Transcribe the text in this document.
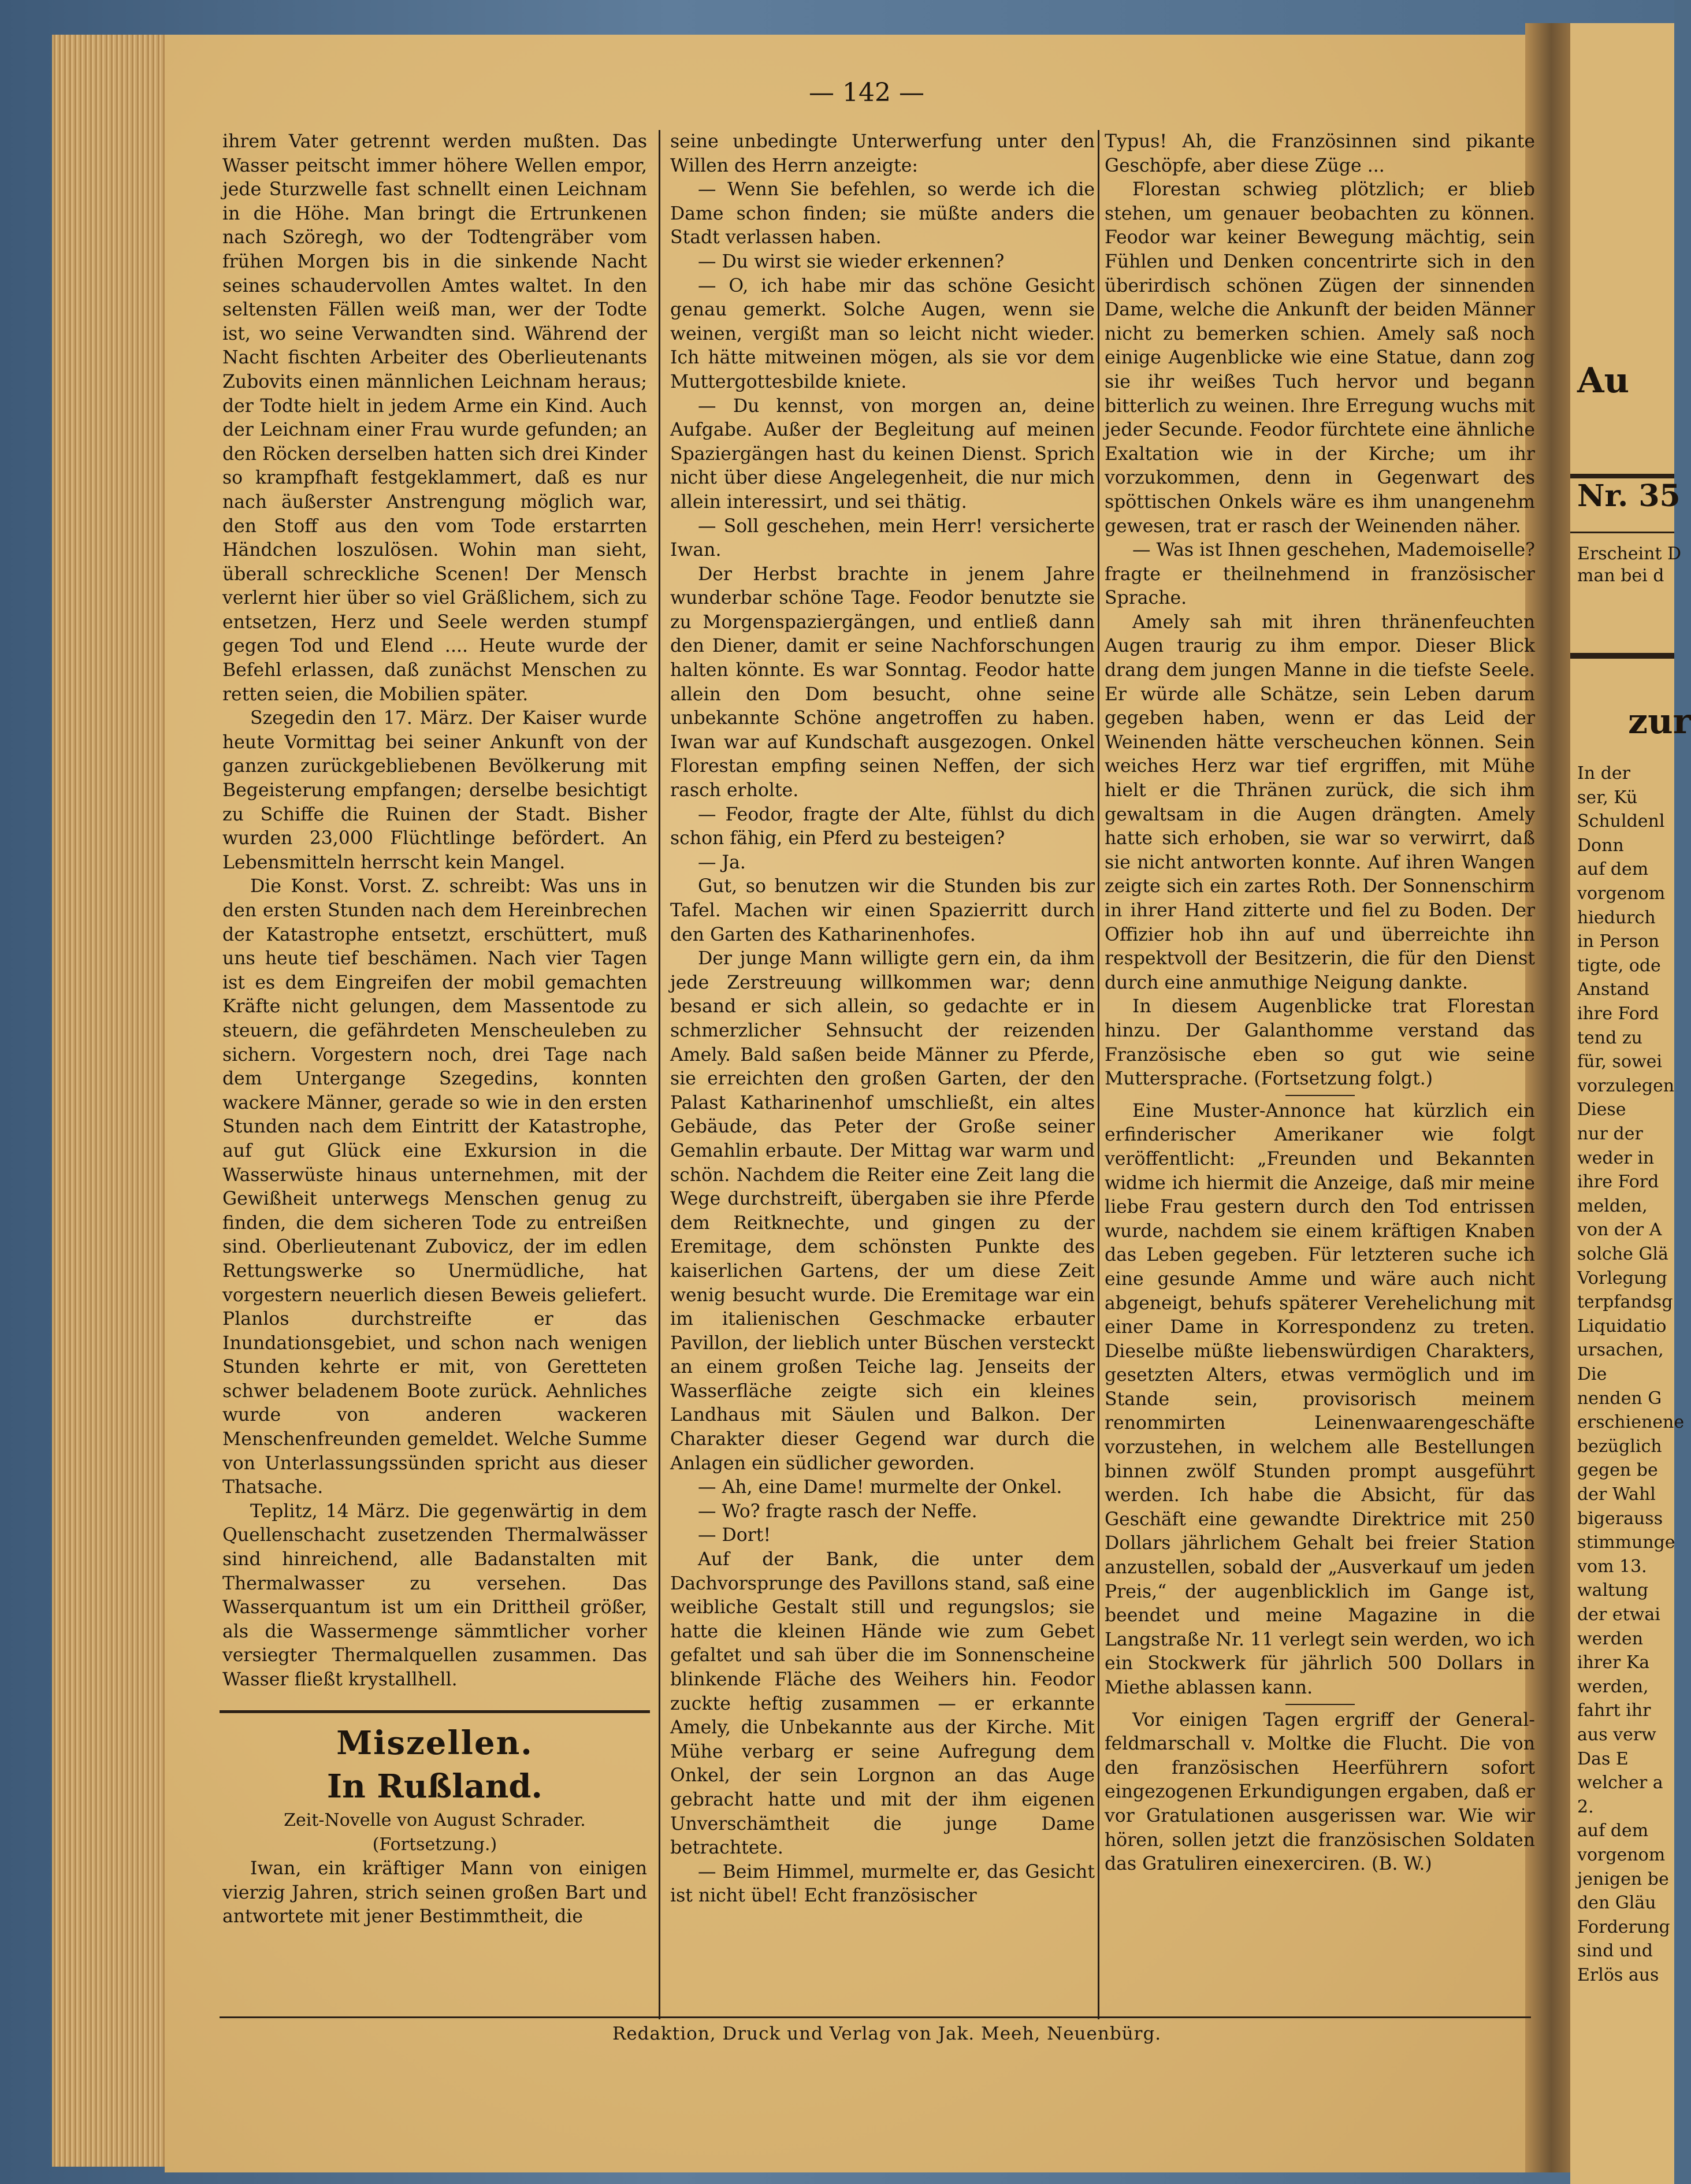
— 142 —

ihrem Vater getrennt werden mußten. Das Wasser peitscht immer höhere Wellen empor, jede Sturzwelle fast schnellt einen Leichnam in die Höhe. Man bringt die Ertrunkenen nach Szöregh, wo der Todtengräber vom frühen Morgen bis in die sinkende Nacht seines schaudervollen Amtes waltet. In den seltensten Fällen weiß man, wer der Todte ist, wo seine Verwandten sind. Während der Nacht fischten Arbeiter des Oberlieutenants Zubovits einen männlichen Leichnam heraus; der Todte hielt in jedem Arme ein Kind. Auch der Leichnam einer Frau wurde gefunden; an den Röcken derselben hatten sich drei Kinder so krampfhaft festgeklammert, daß es nur nach äußerster Anstrengung möglich war, den Stoff aus den vom Tode erstarrten Händchen loszulösen. Wohin man sieht, überall schreckliche Scenen! Der Mensch verlernt hier über so viel Gräßlichem, sich zu entsetzen, Herz und Seele werden stumpf gegen Tod und Elend .... Heute wurde der Befehl erlassen, daß zunächst Menschen zu retten seien, die Mobilien später.

Szegedin den 17. März. Der Kaiser wurde heute Vormittag bei seiner Ankunft von der ganzen zurückgebliebenen Bevölkerung mit Begeisterung empfangen; derselbe besichtigt zu Schiffe die Ruinen der Stadt. Bisher wurden 23,000 Flüchtlinge befördert. An Lebensmitteln herrscht kein Mangel.

Die Konst. Vorst. Z. schreibt: Was uns in den ersten Stunden nach dem Hereinbrechen der Katastrophe entsetzt, erschüttert, muß uns heute tief beschämen. Nach vier Tagen ist es dem Eingreifen der mobil gemachten Kräfte nicht gelungen, dem Massentode zu steuern, die gefährdeten Menscheuleben zu sichern. Vorgestern noch, drei Tage nach dem Untergange Szegedins, konnten wackere Männer, gerade so wie in den ersten Stunden nach dem Eintritt der Katastrophe, auf gut Glück eine Exkursion in die Wasserwüste hinaus unternehmen, mit der Gewißheit unterwegs Menschen genug zu finden, die dem sicheren Tode zu entreißen sind. Oberlieutenant Zubovicz, der im edlen Rettungswerke so Unermüdliche, hat vorgestern neuerlich diesen Beweis geliefert. Planlos durchstreifte er das Inundationsgebiet, und schon nach wenigen Stunden kehrte er mit, von Geretteten schwer beladenem Boote zurück. Aehnliches wurde von anderen wackeren Menschenfreunden gemeldet. Welche Summe von Unterlassungssünden spricht aus dieser Thatsache.

Teplitz, 14 März. Die gegenwärtig in dem Quellenschacht zusetzenden Thermalwässer sind hinreichend, alle Badanstalten mit Thermalwasser zu versehen. Das Wasserquantum ist um ein Drittheil größer, als die Wassermenge sämmtlicher vorher versiegter Thermalquellen zusammen. Das Wasser fließt krystallhell.

Miszellen.
In Rußland.
Zeit-Novelle von August Schrader.
(Fortsetzung.)

Iwan, ein kräftiger Mann von einigen vierzig Jahren, strich seinen großen Bart und antwortete mit jener Bestimmtheit, die

seine unbedingte Unterwerfung unter den Willen des Herrn anzeigte:

— Wenn Sie befehlen, so werde ich die Dame schon finden; sie müßte anders die Stadt verlassen haben.

— Du wirst sie wieder erkennen?

— O, ich habe mir das schöne Gesicht genau gemerkt. Solche Augen, wenn sie weinen, vergißt man so leicht nicht wieder. Ich hätte mitweinen mögen, als sie vor dem Muttergottesbilde kniete.

— Du kennst, von morgen an, deine Aufgabe. Außer der Begleitung auf meinen Spaziergängen hast du keinen Dienst. Sprich nicht über diese Angelegenheit, die nur mich allein interessirt, und sei thätig.

— Soll geschehen, mein Herr! versicherte Iwan.

Der Herbst brachte in jenem Jahre wunderbar schöne Tage. Feodor benutzte sie zu Morgenspaziergängen, und entließ dann den Diener, damit er seine Nachforschungen halten könnte. Es war Sonntag. Feodor hatte allein den Dom besucht, ohne seine unbekannte Schöne angetroffen zu haben. Iwan war auf Kundschaft ausgezogen. Onkel Florestan empfing seinen Neffen, der sich rasch erholte.

— Feodor, fragte der Alte, fühlst du dich schon fähig, ein Pferd zu besteigen?

— Ja.

Gut, so benutzen wir die Stunden bis zur Tafel. Machen wir einen Spazierritt durch den Garten des Katharinenhofes.

Der junge Mann willigte gern ein, da ihm jede Zerstreuung willkommen war; denn besand er sich allein, so gedachte er in schmerzlicher Sehnsucht der reizenden Amely. Bald saßen beide Männer zu Pferde, sie erreichten den großen Garten, der den Palast Katharinenhof umschließt, ein altes Gebäude, das Peter der Große seiner Gemahlin erbaute. Der Mittag war warm und schön. Nachdem die Reiter eine Zeit lang die Wege durchstreift, übergaben sie ihre Pferde dem Reitknechte, und gingen zu der Eremitage, dem schönsten Punkte des kaiserlichen Gartens, der um diese Zeit wenig besucht wurde. Die Eremitage war ein im italienischen Geschmacke erbauter Pavillon, der lieblich unter Büschen versteckt an einem großen Teiche lag. Jenseits der Wasserfläche zeigte sich ein kleines Landhaus mit Säulen und Balkon. Der Charakter dieser Gegend war durch die Anlagen ein südlicher geworden.

— Ah, eine Dame! murmelte der Onkel.

— Wo? fragte rasch der Neffe.

— Dort!

Auf der Bank, die unter dem Dachvorsprunge des Pavillons stand, saß eine weibliche Gestalt still und regungslos; sie hatte die kleinen Hände wie zum Gebet gefaltet und sah über die im Sonnenscheine blinkende Fläche des Weihers hin. Feodor zuckte heftig zusammen — er erkannte Amely, die Unbekannte aus der Kirche. Mit Mühe verbarg er seine Aufregung dem Onkel, der sein Lorgnon an das Auge gebracht hatte und mit der ihm eigenen Unverschämtheit die junge Dame betrachtete.

— Beim Himmel, murmelte er, das Gesicht ist nicht übel! Echt französischer

Typus! Ah, die Französinnen sind pikante Geschöpfe, aber diese Züge ...

Florestan schwieg plötzlich; er blieb stehen, um genauer beobachten zu können. Feodor war keiner Bewegung mächtig, sein Fühlen und Denken concentrirte sich in den überirdisch schönen Zügen der sinnenden Dame, welche die Ankunft der beiden Männer nicht zu bemerken schien. Amely saß noch einige Augenblicke wie eine Statue, dann zog sie ihr weißes Tuch hervor und begann bitterlich zu weinen. Ihre Erregung wuchs mit jeder Secunde. Feodor fürchtete eine ähnliche Exaltation wie in der Kirche; um ihr vorzukommen, denn in Gegenwart des spöttischen Onkels wäre es ihm unangenehm gewesen, trat er rasch der Weinenden näher.

— Was ist Ihnen geschehen, Mademoiselle? fragte er theilnehmend in französischer Sprache.

Amely sah mit ihren thränenfeuchten Augen traurig zu ihm empor. Dieser Blick drang dem jungen Manne in die tiefste Seele. Er würde alle Schätze, sein Leben darum gegeben haben, wenn er das Leid der Weinenden hätte verscheuchen können. Sein weiches Herz war tief ergriffen, mit Mühe hielt er die Thränen zurück, die sich ihm gewaltsam in die Augen drängten. Amely hatte sich erhoben, sie war so verwirrt, daß sie nicht antworten konnte. Auf ihren Wangen zeigte sich ein zartes Roth. Der Sonnenschirm in ihrer Hand zitterte und fiel zu Boden. Der Offizier hob ihn auf und überreichte ihn respektvoll der Besitzerin, die für den Dienst durch eine anmuthige Neigung dankte.

In diesem Augenblicke trat Florestan hinzu. Der Galanthomme verstand das Französische eben so gut wie seine Muttersprache. (Fortsetzung folgt.)

Eine Muster-Annonce hat kürzlich ein erfinderischer Amerikaner wie folgt veröffentlicht: „Freunden und Bekannten widme ich hiermit die Anzeige, daß mir meine liebe Frau gestern durch den Tod entrissen wurde, nachdem sie einem kräftigen Knaben das Leben gegeben. Für letzteren suche ich eine gesunde Amme und wäre auch nicht abgeneigt, behufs späterer Verehelichung mit einer Dame in Korrespondenz zu treten. Dieselbe müßte liebenswürdigen Charakters, gesetzten Alters, etwas vermöglich und im Stande sein, provisorisch meinem renommirten Leinenwaarengeschäfte vorzustehen, in welchem alle Bestellungen binnen zwölf Stunden prompt ausgeführt werden. Ich habe die Absicht, für das Geschäft eine gewandte Direktrice mit 250 Dollars jährlichem Gehalt bei freier Station anzustellen, sobald der „Ausverkauf um jeden Preis,“ der augenblicklich im Gange ist, beendet und meine Magazine in die Langstraße Nr. 11 verlegt sein werden, wo ich ein Stockwerk für jährlich 500 Dollars in Miethe ablassen kann.

Vor einigen Tagen ergriff der General-feldmarschall v. Moltke die Flucht. Die von den französischen Heerführern sofort eingezogenen Erkundigungen ergaben, daß er vor Gratulationen ausgerissen war. Wie wir hören, sollen jetzt die französischen Soldaten das Gratuliren einexerciren. (B. W.)

Redaktion, Druck und Verlag von Jak. Meeh, Neuenbürg.
Au
Nr. 35
Erscheint D
man bei d
zur
In der
ser, Kü
Schuldenl
Donn
auf dem
vorgenom
hiedurch
in Person
tigte, ode
Anstand
ihre Ford
tend zu
für, sowei
vorzulegen
Diese
nur der
weder in
ihre Ford
melden,
von der A
solche Glä
Vorlegung
terpfandsg
Liquidatio
ursachen,
Die
nenden G
erschienene
bezüglich
gegen be
der Wahl
bigerauss
stimmunge
vom 13.
waltung
der etwai
werden
ihrer Ka
werden,
fahrt ihr
aus verw
Das E
welcher a
2.
auf dem
vorgenom
jenigen be
den Gläu
Forderung
sind und
Erlös aus
